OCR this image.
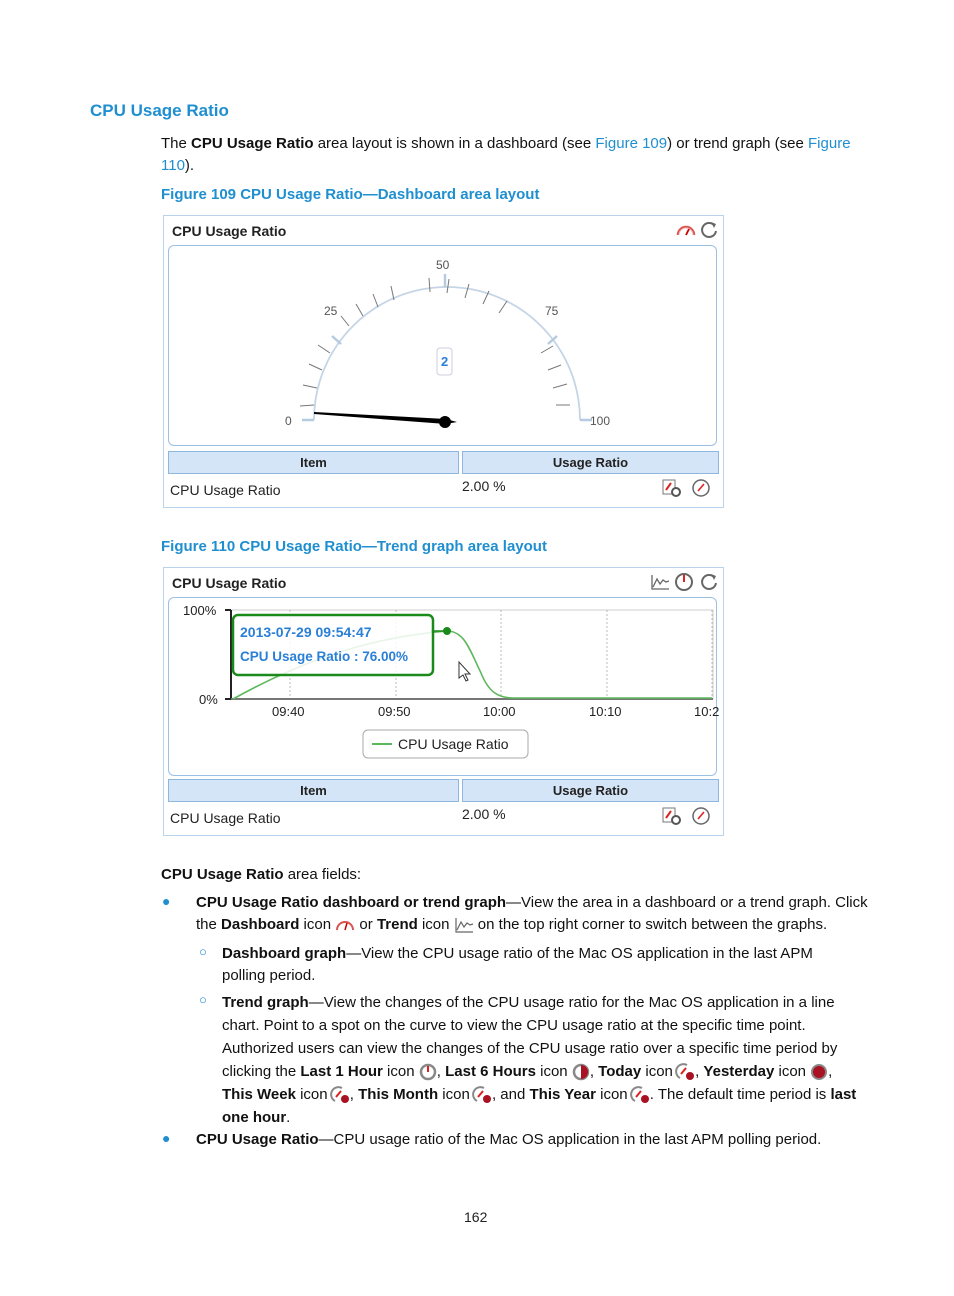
CPU Usage Ratio
The CPU Usage Ratio area layout is shown in a dashboard (see Figure 109) or trend graph (see Figure
110).
Figure 109 CPU Usage Ratio—Dashboard area layout
CPU Usage Ratio
0
25
50
75
100
2
Item	Usage Ratio
CPU Usage Ratio	2.00 %
Figure 110 CPU Usage Ratio—Trend graph area layout
CPU Usage Ratio
100%
0%
09:40	09:50	10:00	10:10	10:2
2013-07-29 09:54:47
CPU Usage Ratio : 76.00%
CPU Usage Ratio
Item	Usage Ratio
CPU Usage Ratio	2.00 %
CPU Usage Ratio area fields:
● CPU Usage Ratio dashboard or trend graph—View the area in a dashboard or a trend graph. Click
the Dashboard icon  or Trend icon  on the top right corner to switch between the graphs.
○ Dashboard graph—View the CPU usage ratio of the Mac OS application in the last APM
polling period.
○ Trend graph—View the changes of the CPU usage ratio for the Mac OS application in a line
chart. Point to a spot on the curve to view the CPU usage ratio at the specific time point.
Authorized users can view the changes of the CPU usage ratio over a specific time period by
clicking the Last 1 Hour icon , Last 6 Hours icon , Today icon , Yesterday icon ,
This Week icon , This Month icon , and This Year icon . The default time period is last
one hour.
● CPU Usage Ratio—CPU usage ratio of the Mac OS application in the last APM polling period.
162
